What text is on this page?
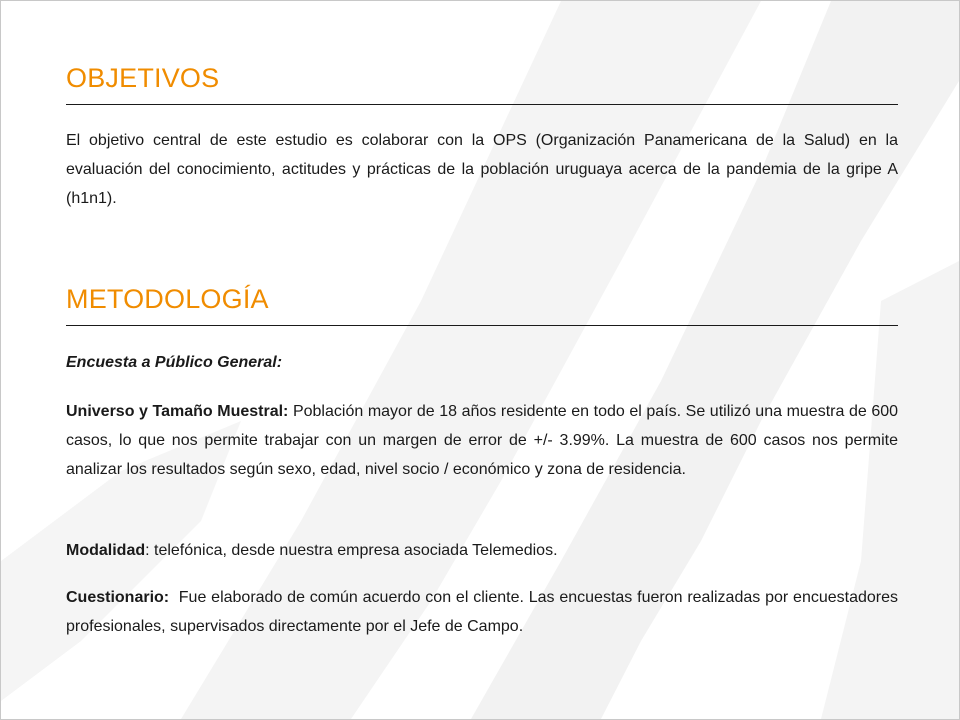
OBJETIVOS

El objetivo central de este estudio es colaborar con la OPS (Organización Panamericana de la Salud) en la evaluación del conocimiento, actitudes y prácticas de la población uruguaya acerca de la pandemia de la gripe A (h1n1).

METODOLOGÍA

Encuesta a Público General:

Universo y Tamaño Muestral: Población mayor de 18 años residente en todo el país. Se utilizó una muestra de 600 casos, lo que nos permite trabajar con un margen de error de +/- 3.99%. La muestra de 600 casos nos permite analizar los resultados según sexo, edad, nivel socio / económico y zona de residencia.

Modalidad: telefónica, desde nuestra empresa asociada Telemedios.

Cuestionario:  Fue elaborado de común acuerdo con el cliente. Las encuestas fueron realizadas por encuestadores profesionales, supervisados directamente por el Jefe de Campo.
